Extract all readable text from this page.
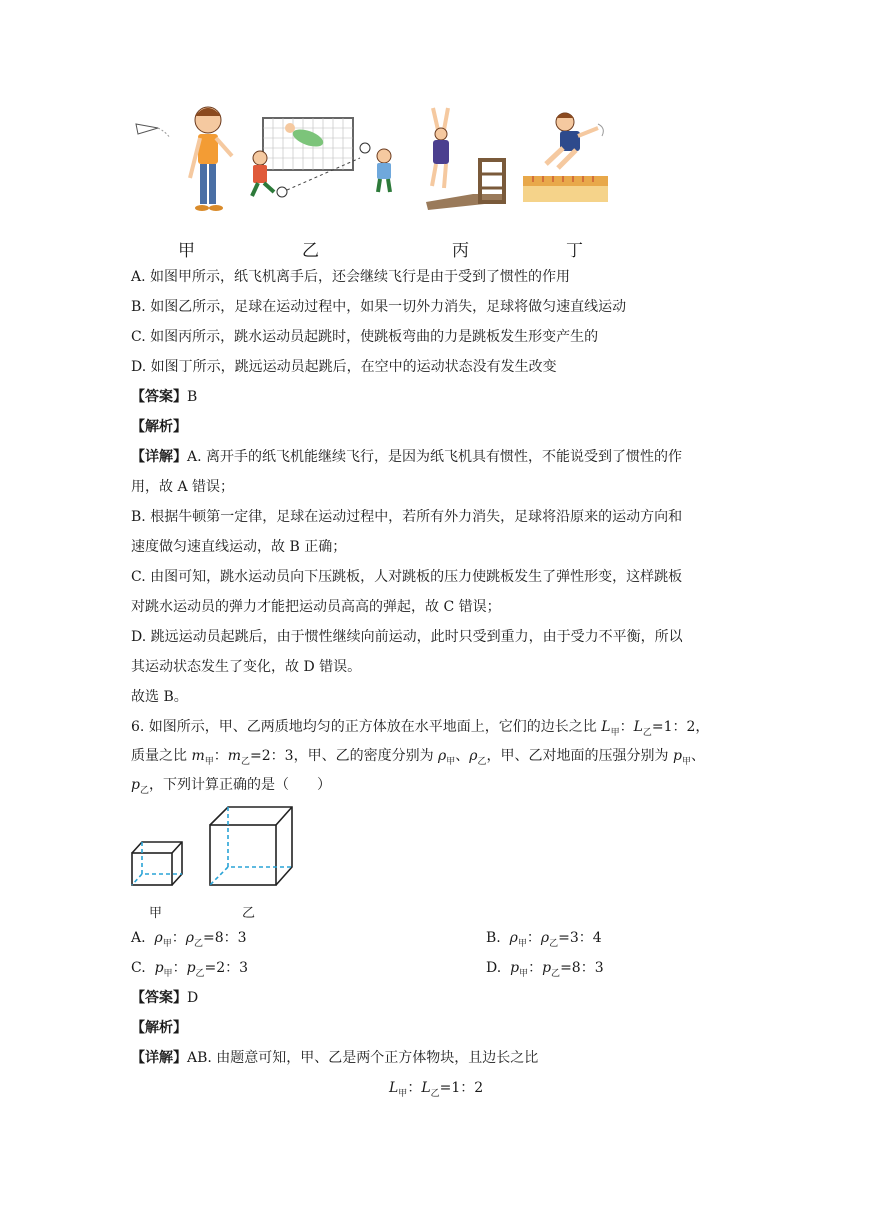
甲	乙	丙	丁
A. 如图甲所示，纸飞机离手后，还会继续飞行是由于受到了惯性的作用
B. 如图乙所示，足球在运动过程中，如果一切外力消失，足球将做匀速直线运动
C. 如图丙所示，跳水运动员起跳时，使跳板弯曲的力是跳板发生形变产生的
D. 如图丁所示，跳远运动员起跳后，在空中的运动状态没有发生改变
【答案】B
【解析】
【详解】A. 离开手的纸飞机能继续飞行，是因为纸飞机具有惯性，不能说受到了惯性的作
用，故 A 错误；
B. 根据牛顿第一定律，足球在运动过程中，若所有外力消失，足球将沿原来的运动方向和
速度做匀速直线运动，故 B 正确；
C. 由图可知，跳水运动员向下压跳板，人对跳板的压力使跳板发生了弹性形变，这样跳板
对跳水运动员的弹力才能把运动员高高的弹起，故 C 错误；
D. 跳远运动员起跳后，由于惯性继续向前运动，此时只受到重力，由于受力不平衡，所以
其运动状态发生了变化，故 D 错误。
故选 B。
6. 如图所示，甲、乙两质地均匀的正方体放在水平地面上，它们的边长之比 $L_甲$：$L_乙=1$：2，
质量之比 $m_甲$：$m_乙=2$：3，甲、乙的密度分别为 $\rho_甲$、$\rho_乙$，甲、乙对地面的压强分别为 $p_甲$、
$p_乙$，下列计算正确的是（　　）
甲	乙
A. $\rho_甲$：$\rho_乙=8$：3	B. $\rho_甲$：$\rho_乙=3$：4
C. $p_甲$：$p_乙=2$：3	D. $p_甲$：$p_乙=8$：3
【答案】D
【解析】
【详解】AB. 由题意可知，甲、乙是两个正方体物块，且边长之比
$L_甲$：$L_乙=1$：2
